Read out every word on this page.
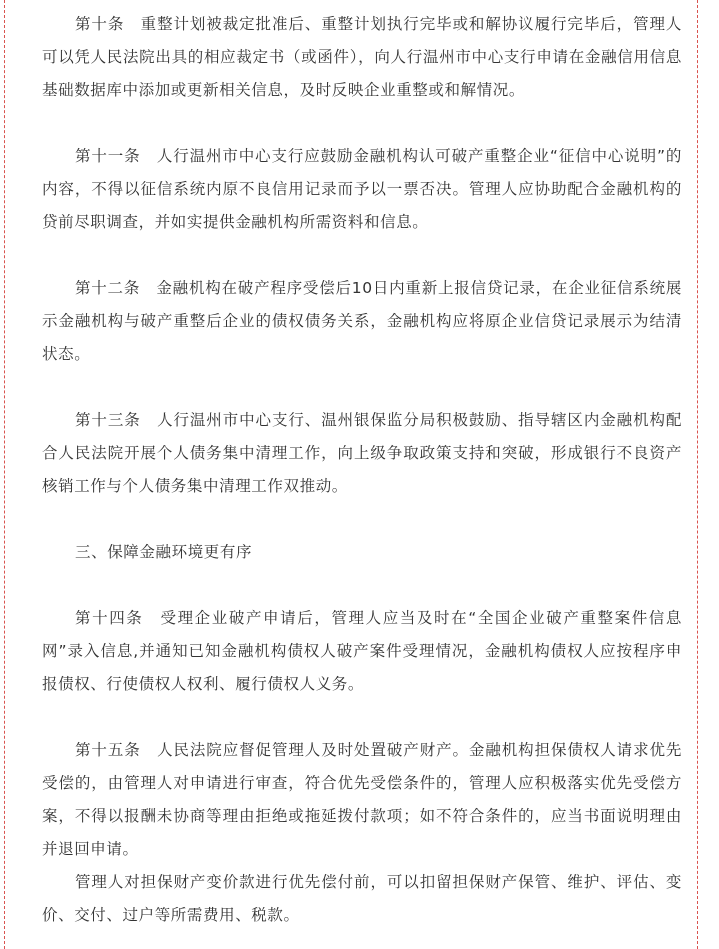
第十条　重整计划被裁定批准后、重整计划执行完毕或和解协议履行完毕后，管理人可以凭人民法院出具的相应裁定书（或函件），向人行温州市中心支行申请在金融信用信息基础数据库中添加或更新相关信息，及时反映企业重整或和解情况。

第十一条　人行温州市中心支行应鼓励金融机构认可破产重整企业“征信中心说明”的内容，不得以征信系统内原不良信用记录而予以一票否决。管理人应协助配合金融机构的贷前尽职调查，并如实提供金融机构所需资料和信息。

第十二条　金融机构在破产程序受偿后10日内重新上报信贷记录，在企业征信系统展示金融机构与破产重整后企业的债权债务关系，金融机构应将原企业信贷记录展示为结清状态。

第十三条　人行温州市中心支行、温州银保监分局积极鼓励、指导辖区内金融机构配合人民法院开展个人债务集中清理工作，向上级争取政策支持和突破，形成银行不良资产核销工作与个人债务集中清理工作双推动。

三、保障金融环境更有序

第十四条　受理企业破产申请后，管理人应当及时在“全国企业破产重整案件信息网”录入信息,并通知已知金融机构债权人破产案件受理情况，金融机构债权人应按程序申报债权、行使债权人权利、履行债权人义务。

第十五条　人民法院应督促管理人及时处置破产财产。金融机构担保债权人请求优先受偿的，由管理人对申请进行审查，符合优先受偿条件的，管理人应积极落实优先受偿方案，不得以报酬未协商等理由拒绝或拖延拨付款项；如不符合条件的，应当书面说明理由并退回申请。

管理人对担保财产变价款进行优先偿付前，可以扣留担保财产保管、维护、评估、变价、交付、过户等所需费用、税款。
